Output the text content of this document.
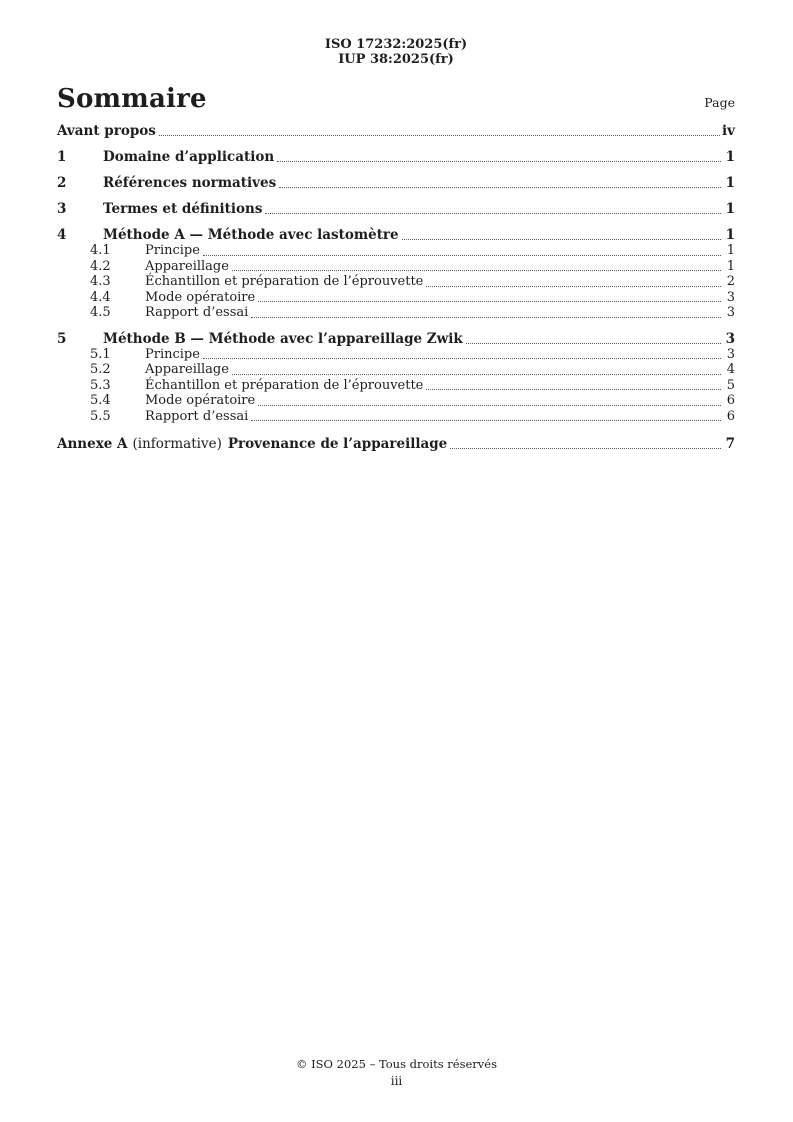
ISO 17232:2025(fr)
IUP 38:2025(fr)
Sommaire	Page
Avant propos	iv
1	Domaine d’application	1
2	Références normatives	1
3	Termes et définitions	1
4	Méthode A — Méthode avec lastomètre	1
4.1	Principe	1
4.2	Appareillage	1
4.3	Échantillon et préparation de l’éprouvette	2
4.4	Mode opératoire	3
4.5	Rapport d’essai	3
5	Méthode B — Méthode avec l’appareillage Zwik	3
5.1	Principe	3
5.2	Appareillage	4
5.3	Échantillon et préparation de l’éprouvette	5
5.4	Mode opératoire	6
5.5	Rapport d’essai	6
Annexe A (informative) Provenance de l’appareillage	7
© ISO 2025 – Tous droits réservés
iii
